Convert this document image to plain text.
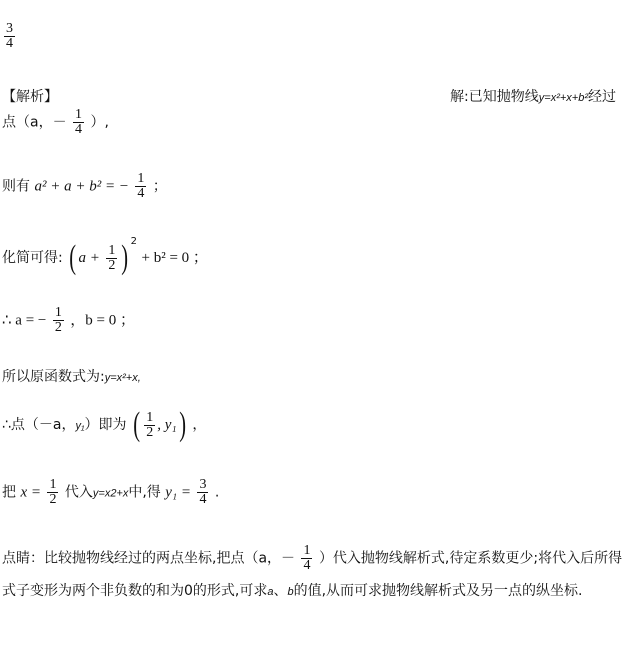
$\frac{3}{4}$
【解析】	解:已知抛物线y=x²+x+b²经过
点（a，－ $\frac{1}{4}$ ）,
则有 a² + a + b² = − $\frac{1}{4}$ ；
化简可得: ( $a + \frac{1}{2}$ ) $^2$ + b² = 0 ；
∴ a = − $\frac{1}{2}$ ，b = 0 ；
所以原函数式为:y=x²+x,
∴点（－a，y₁）即为 ( $\frac{1}{2}$ , y₁) ，
把 $x = \frac{1}{2}$ 代入y=x2+x中,得 $y_1 = \frac{3}{4}$ .
点睛：比较抛物线经过的两点坐标,把点（a，－ $\frac{1}{4}$ ）代入抛物线解析式,待定系数更少;将代入后所得
式子变形为两个非负数的和为0的形式,可求a、b的值,从而可求抛物线解析式及另一点的纵坐标.
